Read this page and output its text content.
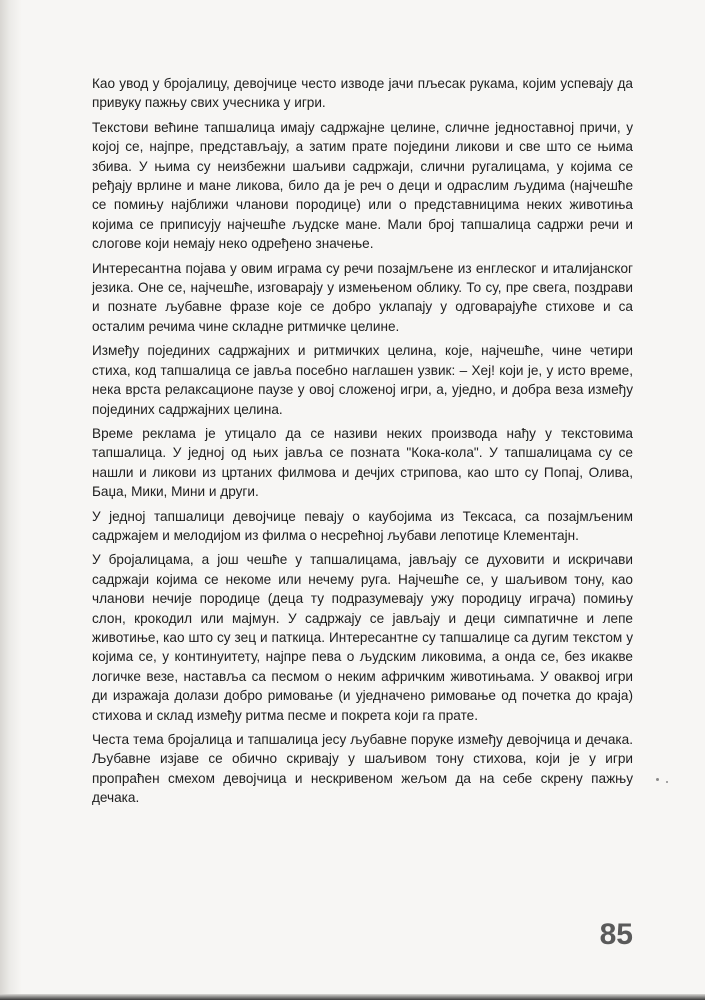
Као увод у бројалицу, девојчице често изводе јачи пљесак рукама, којим успевају да привуку пажњу свих учесника у игри.

Текстови већине тапшалица имају садржајне целине, сличне једноставној причи, у којој се, најпре, представљају, а затим прате поједини ликови и све што се њима збива. У њима су неизбежни шаљиви садржаји, слични ругалицама, у којима се ређају врлине и мане ликова, било да је реч о деци и одраслим људима (најчешће се помињу најближи чланови породице) или о представницима неких животиња којима се приписују најчешће људске мане. Мали број тапшалица садржи речи и слогове који немају неко одређено значење.

Интересантна појава у овим играма су речи позајмљене из енглеског и италијанског језика. Оне се, најчешће, изговарају у измењеном облику. То су, пре свега, поздрави и познате љубавне фразе које се добро уклапају у одговарајуће стихове и са осталим речима чине складне ритмичке целине.

Између појединих садржајних и ритмичких целина, које, најчешће, чине четири стиха, код тапшалица се јавља посебно наглашен узвик: – Хеј! који је, у исто време, нека врста релаксационе паузе у овој сложеној игри, а, уједно, и добра веза између појединих садржајних целина.

Време реклама је утицало да се називи неких производа нађу у текстовима тапшалица. У једној од њих јавља се позната "Кока-кола". У тапшалицама су се нашли и ликови из цртаних филмова и дечјих стрипова, као што су Попај, Олива, Баџа, Мики, Мини и други.

У једној тапшалици девојчице певају о каубојима из Тексаса, са позајмљеним садржајем и мелодијом из филма о несрећној љубави лепотице Клементајн.

У бројалицама, а још чешће у тапшалицама, јављају се духовити и искричави садржаји којима се некоме или нечему руга. Најчешће се, у шаљивом тону, као чланови нечије породице (деца ту подразумевају ужу породицу играча) помињу слон, крокодил или мајмун. У садржају се јављају и деци симпатичне и лепе животиње, као што су зец и паткица. Интересантне су тапшалице са дугим текстом у којима се, у континуитету, најпре пева о људским ликовима, а онда се, без икакве логичке везе, наставља са песмом о неким афричким животињама. У оваквој игри ди изражаја долази добро римовање (и уједначено римовање од почетка до краја) стихова и склад између ритма песме и покрета који га прате.

Честа тема бројалица и тапшалица јесу љубавне поруке између девојчица и дечака. Љубавне изјаве се обично скривају у шаљивом тону стихова, који је у игри пропраћен смехом девојчица и нескривеном жељом да на себе скрену пажњу дечака.

85
